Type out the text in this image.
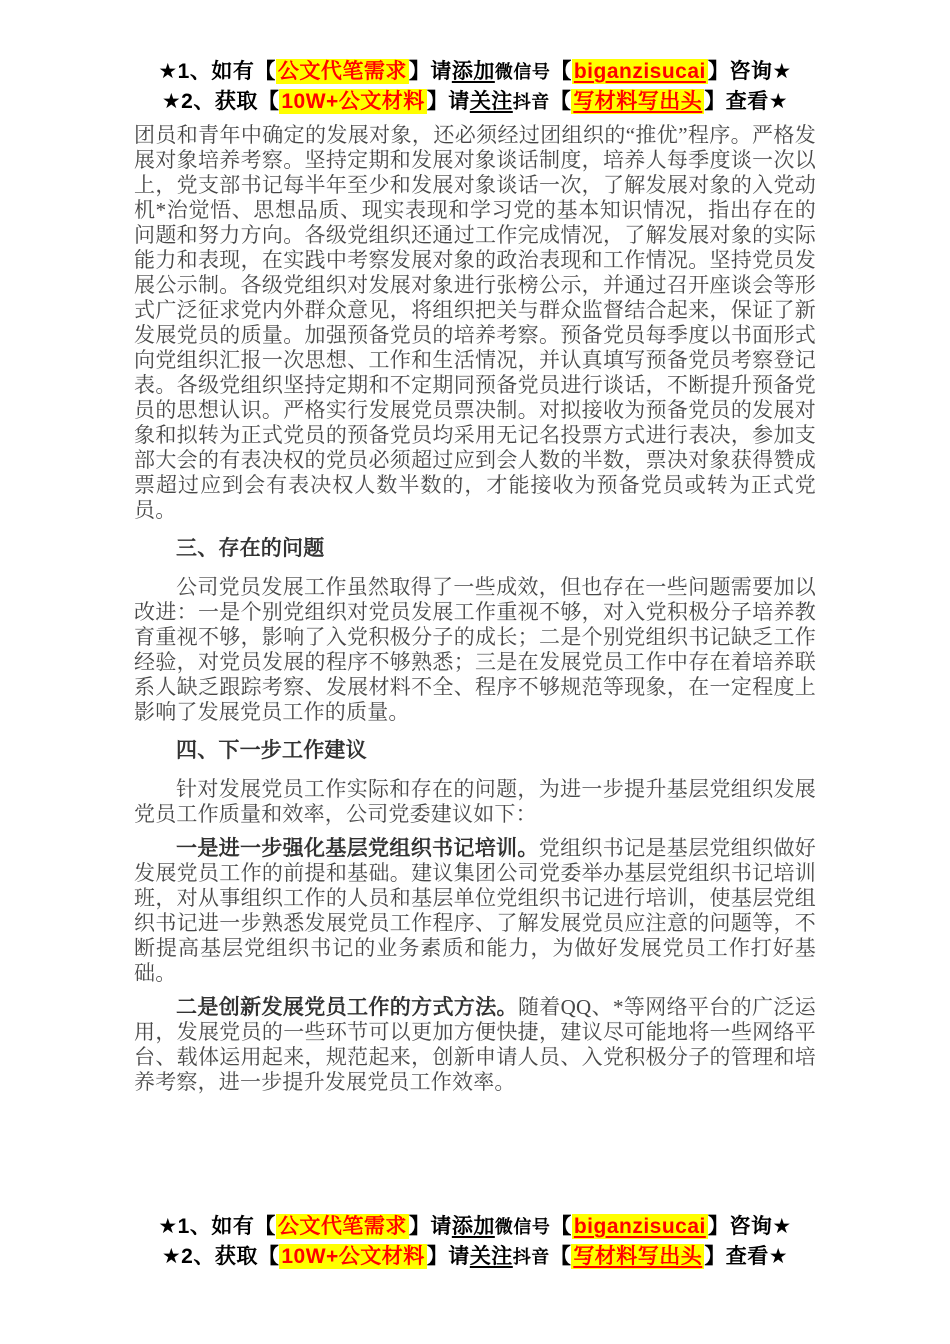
★1、如有【公文代笔需求】请添加微信号【biganzisucai】咨询★
★2、获取【10W+公文材料】请关注抖音【写材料写出头】查看★

团员和青年中确定的发展对象，还必须经过团组织的“推优”程序。严格发展对象培养考察。坚持定期和发展对象谈话制度，培养人每季度谈一次以上，党支部书记每半年至少和发展对象谈话一次，了解发展对象的入党动机*治觉悟、思想品质、现实表现和学习党的基本知识情况，指出存在的问题和努力方向。各级党组织还通过工作完成情况，了解发展对象的实际能力和表现，在实践中考察发展对象的政治表现和工作情况。坚持党员发展公示制。各级党组织对发展对象进行张榜公示，并通过召开座谈会等形式广泛征求党内外群众意见，将组织把关与群众监督结合起来，保证了新发展党员的质量。加强预备党员的培养考察。预备党员每季度以书面形式向党组织汇报一次思想、工作和生活情况，并认真填写预备党员考察登记表。各级党组织坚持定期和不定期同预备党员进行谈话，不断提升预备党员的思想认识。严格实行发展党员票决制。对拟接收为预备党员的发展对象和拟转为正式党员的预备党员均采用无记名投票方式进行表决，参加支部大会的有表决权的党员必须超过应到会人数的半数，票决对象获得赞成票超过应到会有表决权人数半数的，才能接收为预备党员或转为正式党员。

三、存在的问题

公司党员发展工作虽然取得了一些成效，但也存在一些问题需要加以改进：一是个别党组织对党员发展工作重视不够，对入党积极分子培养教育重视不够，影响了入党积极分子的成长；二是个别党组织书记缺乏工作经验，对党员发展的程序不够熟悉；三是在发展党员工作中存在着培养联系人缺乏跟踪考察、发展材料不全、程序不够规范等现象，在一定程度上影响了发展党员工作的质量。

四、下一步工作建议

针对发展党员工作实际和存在的问题，为进一步提升基层党组织发展党员工作质量和效率，公司党委建议如下：

一是进一步强化基层党组织书记培训。党组织书记是基层党组织做好发展党员工作的前提和基础。建议集团公司党委举办基层党组织书记培训班，对从事组织工作的人员和基层单位党组织书记进行培训，使基层党组织书记进一步熟悉发展党员工作程序、了解发展党员应注意的问题等，不断提高基层党组织书记的业务素质和能力，为做好发展党员工作打好基础。

二是创新发展党员工作的方式方法。随着QQ、*等网络平台的广泛运用，发展党员的一些环节可以更加方便快捷，建议尽可能地将一些网络平台、载体运用起来，规范起来，创新申请人员、入党积极分子的管理和培养考察，进一步提升发展党员工作效率。

★1、如有【公文代笔需求】请添加微信号【biganzisucai】咨询★
★2、获取【10W+公文材料】请关注抖音【写材料写出头】查看★
